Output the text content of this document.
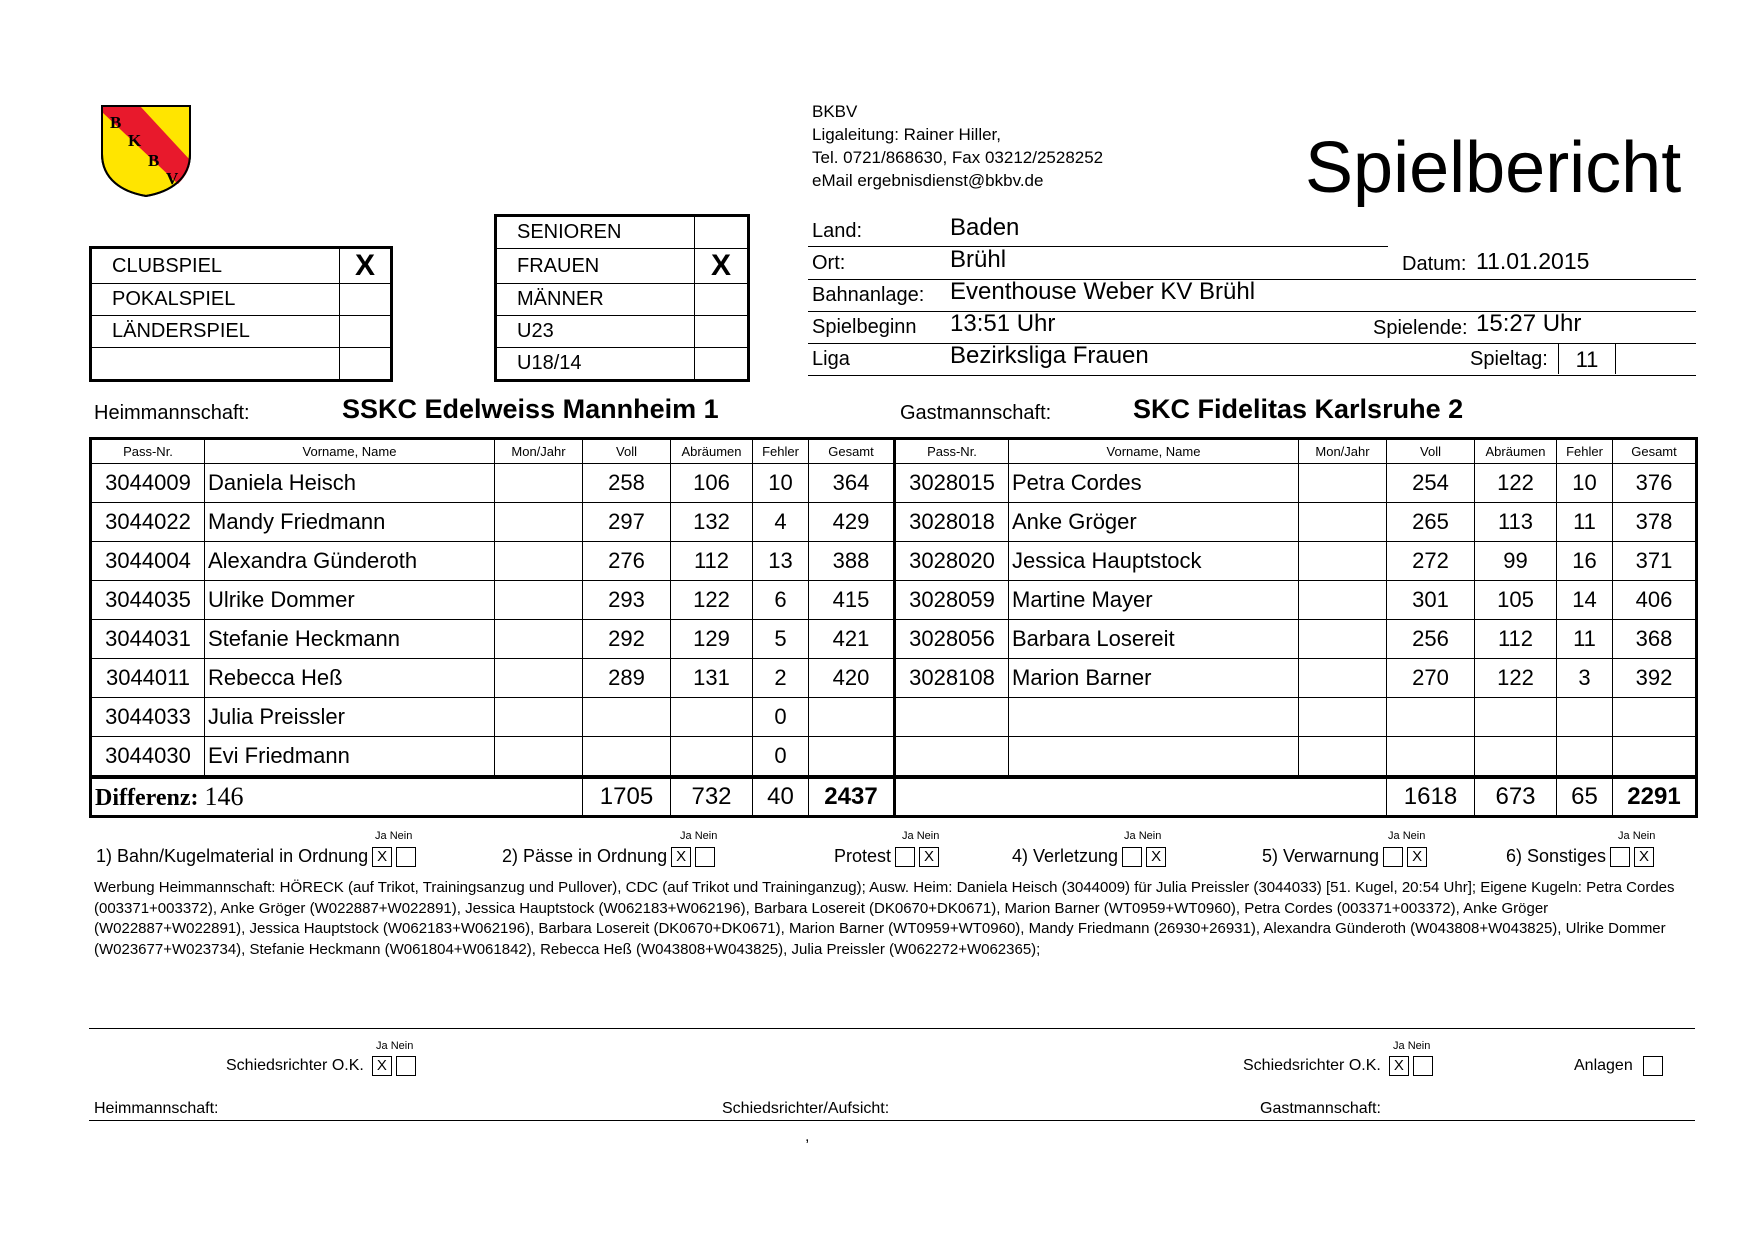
B
K
B
V
BKBV
Ligaleitung: Rainer Hiller,
Tel. 0721/868630, Fax 03212/2528252
eMail ergebnisdienst@bkbv.de	Spielbericht
CLUBSPIEL	X
POKALSPIEL	
LÄNDERSPIEL	

SENIOREN	
FRAUEN	X
MÄNNER	
U23	
U18/14	
Land:	Baden
Ort:	Brühl	Datum: 11.01.2015
Bahnanlage: Eventhouse Weber KV Brühl
Spielbeginn 13:51 Uhr	Spielende: 15:27 Uhr
Liga	Bezirksliga Frauen	Spieltag:	11
Heimmannschaft:	SSKC Edelweiss Mannheim 1	Gastmannschaft:	SKC Fidelitas Karlsruhe 2
Pass-Nr.	Vorname, Name	Mon/Jahr	Voll	Abräumen	Fehler	Gesamt	Pass-Nr.	Vorname, Name	Mon/Jahr	Voll	Abräumen	Fehler	Gesamt
3044009	Daniela Heisch		258	106	10	364	3028015	Petra Cordes		254	122	10	376
3044022	Mandy Friedmann		297	132	4	429	3028018	Anke Gröger		265	113	11	378
3044004	Alexandra Günderoth		276	112	13	388	3028020	Jessica Hauptstock		272	99	16	371
3044035	Ulrike Dommer		293	122	6	415	3028059	Martine Mayer		301	105	14	406
3044031	Stefanie Heckmann		292	129	5	421	3028056	Barbara Losereit		256	112	11	368
3044011	Rebecca Heß		289	131	2	420	3028108	Marion Barner		270	122	3	392
3044033	Julia Preissler				0								
3044030	Evi Friedmann				0								
Differenz: 146			1705	732	40	2437				1618	673	65	2291
Ja Nein
1) Bahn/Kugelmaterial in Ordnung X
Ja Nein
2) Pässe in Ordnung X
Ja Nein
Protest X
Ja Nein
4) Verletzung X
Ja Nein
5) Verwarnung X
Ja Nein
6) Sonstiges X
Werbung Heimmannschaft: HÖRECK (auf Trikot, Trainingsanzug und Pullover), CDC (auf Trikot und Traininganzug); Ausw. Heim: Daniela Heisch (3044009) für Julia Preissler (3044033) [51. Kugel, 20:54 Uhr]; Eigene Kugeln: Petra Cordes (003371+003372), Anke Gröger (W022887+W022891), Jessica Hauptstock (W062183+W062196), Barbara Losereit (DK0670+DK0671), Marion Barner (WT0959+WT0960), Petra Cordes (003371+003372), Anke Gröger (W022887+W022891), Jessica Hauptstock (W062183+W062196), Barbara Losereit (DK0670+DK0671), Marion Barner (WT0959+WT0960), Mandy Friedmann (26930+26931), Alexandra Günderoth (W043808+W043825), Ulrike Dommer (W023677+W023734), Stefanie Heckmann (W061804+W061842), Rebecca Heß (W043808+W043825), Julia Preissler (W062272+W062365);
Ja Nein
Schiedsrichter O.K. X
Ja Nein
Schiedsrichter O.K. X	Anlagen
Heimmannschaft:	Schiedsrichter/Aufsicht:	Gastmannschaft:
,
